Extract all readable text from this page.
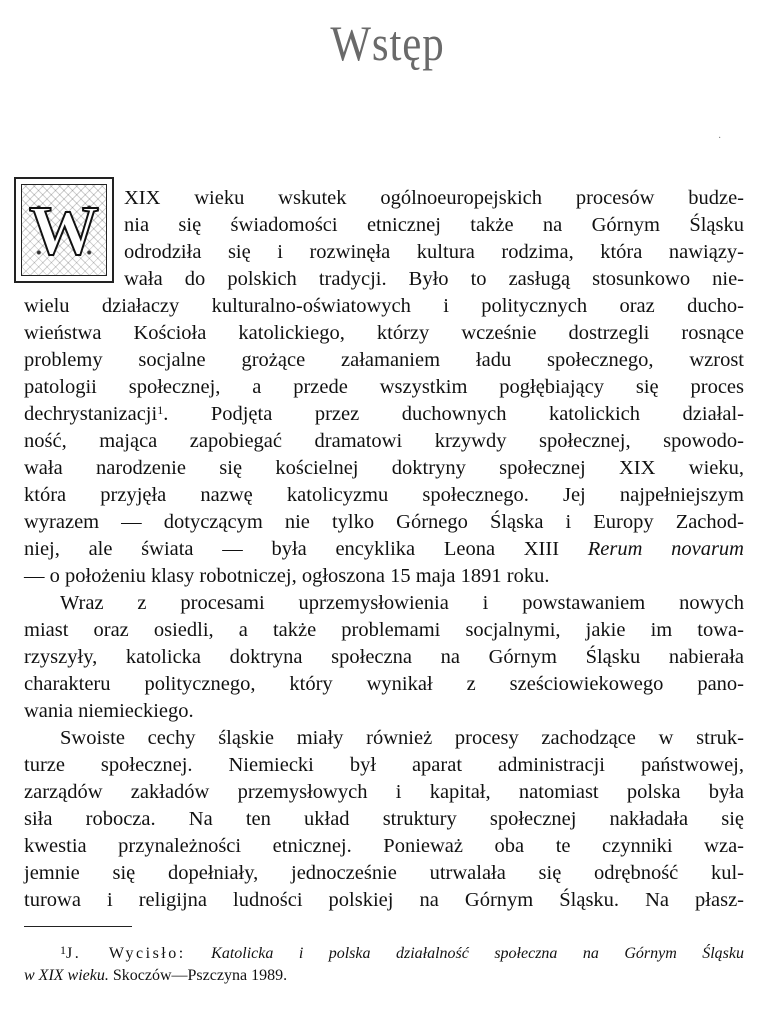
Wstęp
·
W XIX wieku wskutek ogólnoeuropejskich procesów budze-
nia się świadomości etnicznej także na Górnym Śląsku
odrodziła się i rozwinęła kultura rodzima, która nawiązy-
wała do polskich tradycji. Było to zasługą stosunkowo nie-
wielu działaczy kulturalno-oświatowych i politycznych oraz ducho-
wieństwa Kościoła katolickiego, którzy wcześnie dostrzegli rosnące
problemy socjalne grożące załamaniem ładu społecznego, wzrost
patologii społecznej, a przede wszystkim pogłębiający się proces
dechrystanizacji$^1$. Podjęta przez duchownych katolickich działal-
ność, mająca zapobiegać dramatowi krzywdy społecznej, spowodo-
wała narodzenie się kościelnej doktryny społecznej XIX wieku,
która przyjęła nazwę katolicyzmu społecznego. Jej najpełniejszym
wyrazem — dotyczącym nie tylko Górnego Śląska i Europy Zachod-
niej, ale świata — była encyklika Leona XIII Rerum novarum
— o położeniu klasy robotniczej, ogłoszona 15 maja 1891 roku.
Wraz z procesami uprzemysłowienia i powstawaniem nowych
miast oraz osiedli, a także problemami socjalnymi, jakie im towa-
rzyszyły, katolicka doktryna społeczna na Górnym Śląsku nabierała
charakteru politycznego, który wynikał z sześciowiekowego pano-
wania niemieckiego.
Swoiste cechy śląskie miały również procesy zachodzące w struk-
turze społecznej. Niemiecki był aparat administracji państwowej,
zarządów zakładów przemysłowych i kapitał, natomiast polska była
siła robocza. Na ten układ struktury społecznej nakładała się
kwestia przynależności etnicznej. Ponieważ oba te czynniki wza-
jemnie się dopełniały, jednocześnie utrwalała się odrębność kul-
turowa i religijna ludności polskiej na Górnym Śląsku. Na płasz-
$^1$J. Wycisło: Katolicka i polska działalność społeczna na Górnym Śląsku
w XIX wieku. Skoczów—Pszczyna 1989.
